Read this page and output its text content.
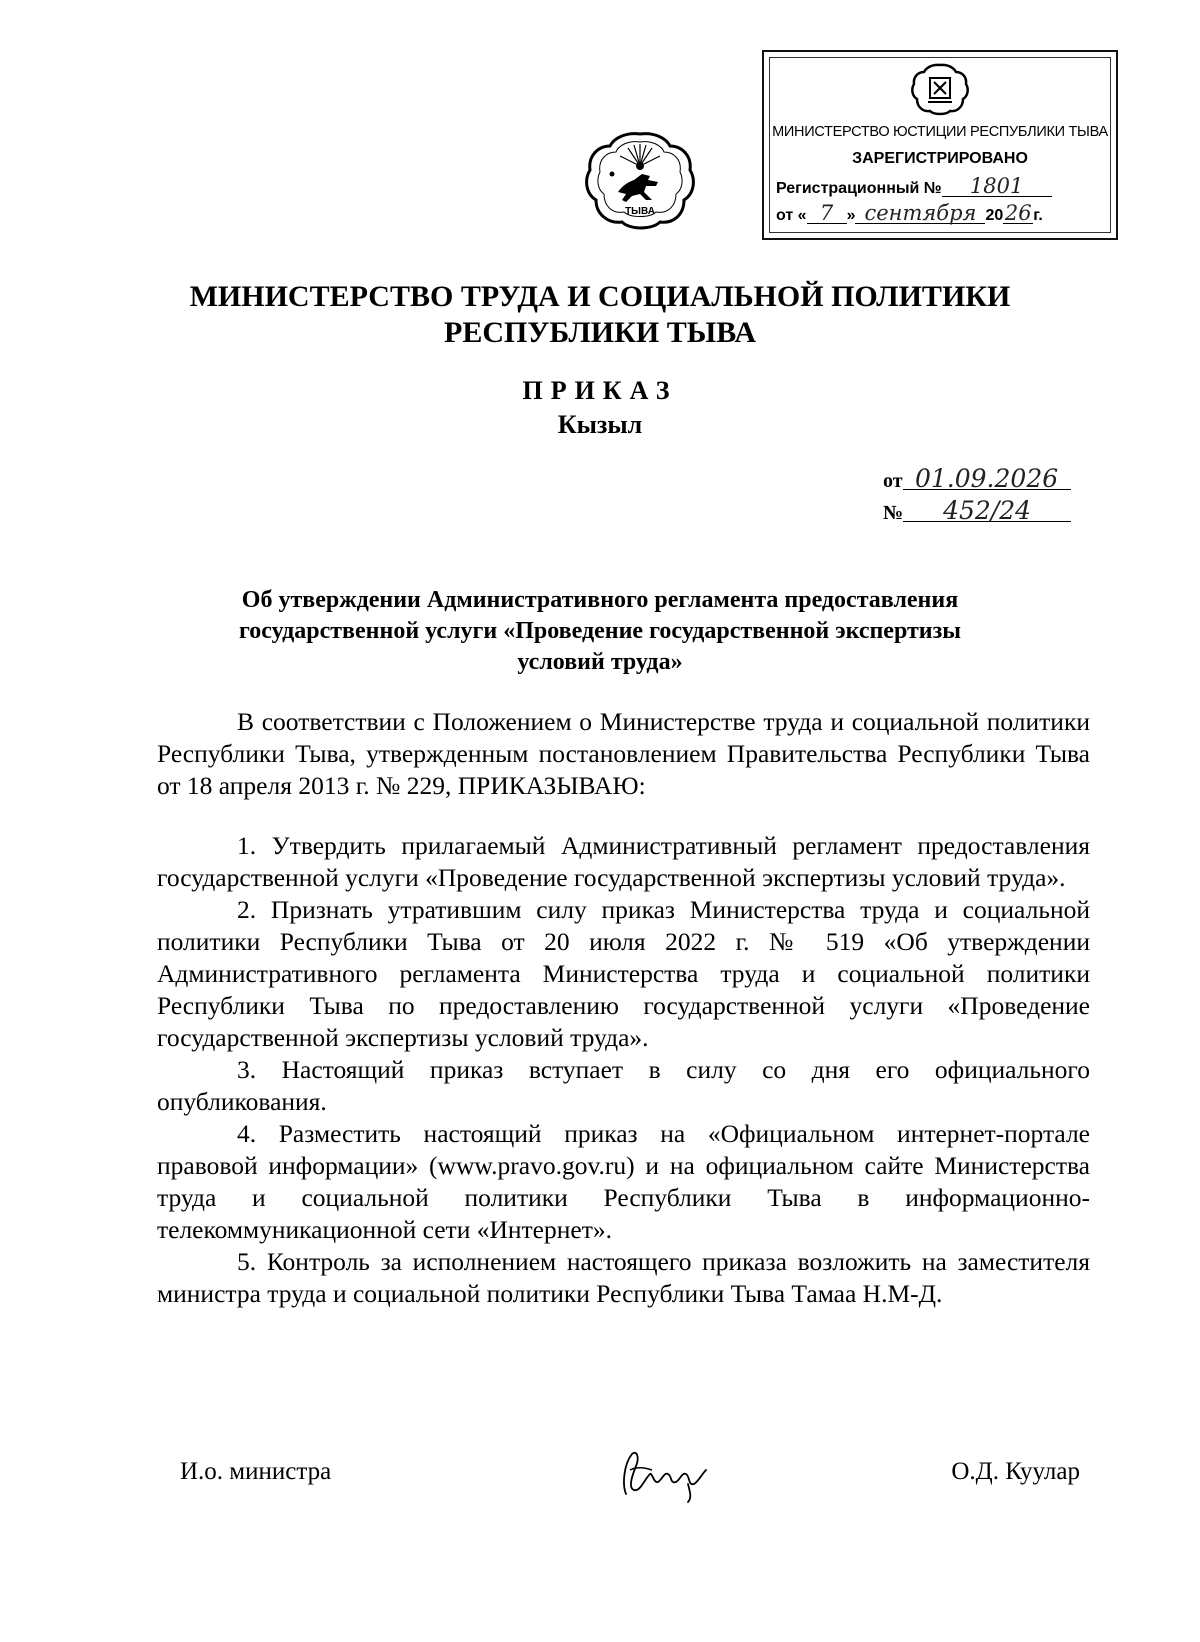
ТЫВА
МИНИСТЕРСТВО ЮСТИЦИИ РЕСПУБЛИКИ ТЫВА
ЗАРЕГИСТРИРОВАНО
Регистрационный № 1801
от « 7 » сентября 2026 г.
МИНИСТЕРСТВО ТРУДА И СОЦИАЛЬНОЙ ПОЛИТИКИ
РЕСПУБЛИКИ ТЫВА
ПРИКАЗ
Кызыл
от 01.09.2026
№ 452/24
Об утверждении Административного регламента предоставления государственной услуги «Проведение государственной экспертизы условий труда»

В соответствии с Положением о Министерстве труда и социальной политики Республики Тыва, утвержденным постановлением Правительства Республики Тыва от 18 апреля 2013 г. № 229, ПРИКАЗЫВАЮ:

1. Утвердить прилагаемый Административный регламент предоставления государственной услуги «Проведение государственной экспертизы условий труда».

2. Признать утратившим силу приказ Министерства труда и социальной политики Республики Тыва от 20 июля 2022 г. № 519 «Об утверждении Административного регламента Министерства труда и социальной политики Республики Тыва по предоставлению государственной услуги «Проведение государственной экспертизы условий труда».

3. Настоящий приказ вступает в силу со дня его официального опубликования.

4. Разместить настоящий приказ на «Официальном интернет-портале правовой информации» (www.pravo.gov.ru) и на официальном сайте Министерства труда и социальной политики Республики Тыва в информационно-телекоммуникационной сети «Интернет».

5. Контроль за исполнением настоящего приказа возложить на заместителя министра труда и социальной политики Республики Тыва Тамаа Н.М-Д.

И.о. министра	О.Д. Куулар
